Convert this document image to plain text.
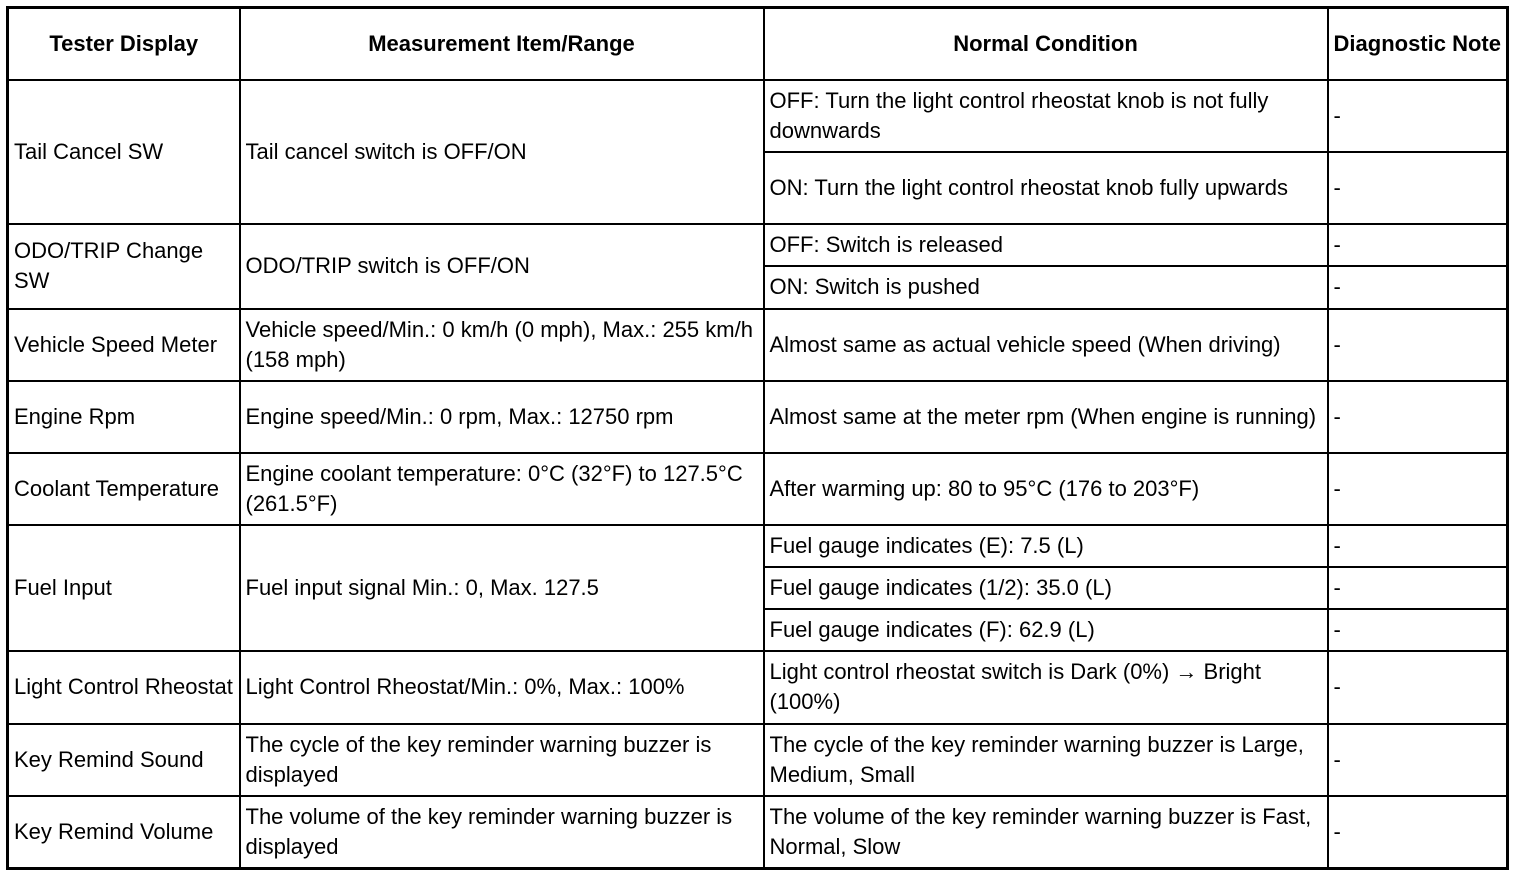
Tester Display	Measurement Item/Range	Normal Condition	Diagnostic Note
Tail Cancel SW	Tail cancel switch is OFF/ON	OFF: Turn the light control rheostat knob is not fully downwards	-
		ON: Turn the light control rheostat knob fully upwards	-
ODO/TRIP Change SW	ODO/TRIP switch is OFF/ON	OFF: Switch is released	-
		ON: Switch is pushed	-
Vehicle Speed Meter	Vehicle speed/Min.: 0 km/h (0 mph), Max.: 255 km/h (158 mph)	Almost same as actual vehicle speed (When driving)	-
Engine Rpm	Engine speed/Min.: 0 rpm, Max.: 12750 rpm	Almost same at the meter rpm (When engine is running)	-
Coolant Temperature	Engine coolant temperature: 0°C (32°F) to 127.5°C (261.5°F)	After warming up: 80 to 95°C (176 to 203°F)	-
Fuel Input	Fuel input signal Min.: 0, Max. 127.5	Fuel gauge indicates (E): 7.5 (L)	-
		Fuel gauge indicates (1/2): 35.0 (L)	-
		Fuel gauge indicates (F): 62.9 (L)	-
Light Control Rheostat	Light Control Rheostat/Min.: 0%, Max.: 100%	Light control rheostat switch is Dark (0%) → Bright (100%)	-
Key Remind Sound	The cycle of the key reminder warning buzzer is displayed	The cycle of the key reminder warning buzzer is Large, Medium, Small	-
Key Remind Volume	The volume of the key reminder warning buzzer is displayed	The volume of the key reminder warning buzzer is Fast, Normal, Slow	-
